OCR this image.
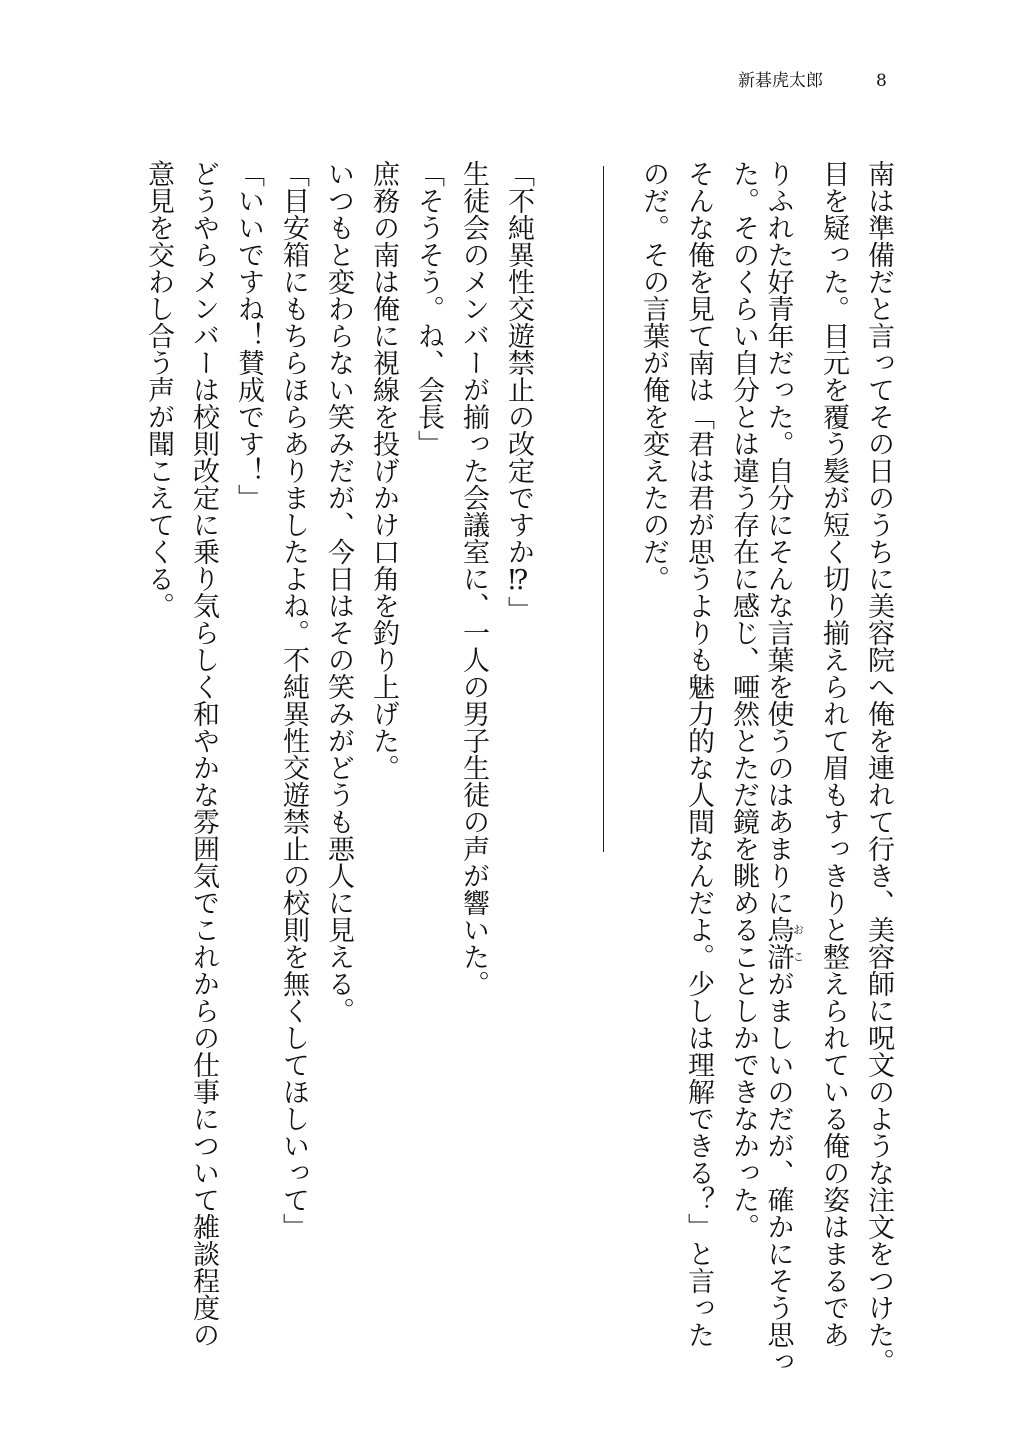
新碁虎太郎	8
南は準備だと言ってその日のうちに美容院へ俺を連れて行き、美容師に呪文のような注文をつけた。
目を疑った。目元を覆う髪が短く切り揃えられて眉もすっきりと整えられている俺の姿はまるであ
りふれた好青年だった。自分にそんな言葉を使うのはあまりに烏滸おこがましいのだが、確かにそう思っ
た。そのくらい自分とは違う存在に感じ、唖然とただ鏡を眺めることしかできなかった。
そんな俺を見て南は「君は君が思うよりも魅力的な人間なんだよ。少しは理解できる？」と言った
のだ。その言葉が俺を変えたのだ。
「不純異性交遊禁止の改定ですか⁉」
生徒会のメンバーが揃った会議室に、一人の男子生徒の声が響いた。
「そうそう。ね、会長」
庶務の南は俺に視線を投げかけ口角を釣り上げた。
いつもと変わらない笑みだが、今日はその笑みがどうも悪人に見える。
「目安箱にもちらほらありましたよね。不純異性交遊禁止の校則を無くしてほしいって」
「いいですね！賛成です！」
どうやらメンバーは校則改定に乗り気らしく和やかな雰囲気でこれからの仕事について雑談程度の
意見を交わし合う声が聞こえてくる。
